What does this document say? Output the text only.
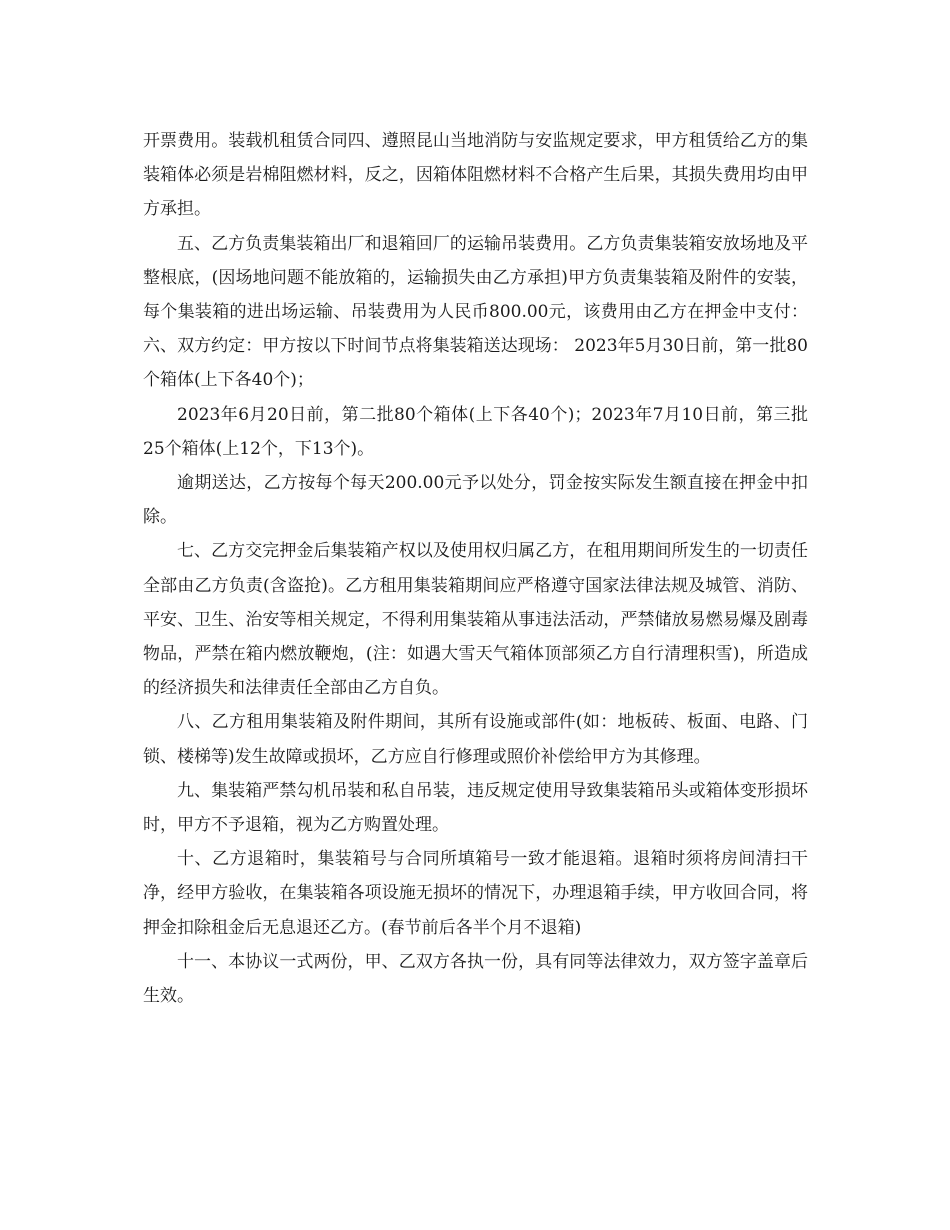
开票费用。装载机租赁合同四、遵照昆山当地消防与安监规定要求，甲方租赁给乙方的集装箱体必须是岩棉阻燃材料，反之，因箱体阻燃材料不合格产生后果，其损失费用均由甲方承担。

五、乙方负责集装箱出厂和退箱回厂的运输吊装费用。乙方负责集装箱安放场地及平整根底，(因场地问题不能放箱的，运输损失由乙方承担)甲方负责集装箱及附件的安装，每个集装箱的进出场运输、吊装费用为人民币800.00元，该费用由乙方在押金中支付： 六、双方约定：甲方按以下时间节点将集装箱送达现场： 2023年5月30日前，第一批80个箱体(上下各40个)；

2023年6月20日前，第二批80个箱体(上下各40个)；2023年7月10日前，第三批25个箱体(上12个，下13个)。

逾期送达，乙方按每个每天200.00元予以处分，罚金按实际发生额直接在押金中扣除。

七、乙方交完押金后集装箱产权以及使用权归属乙方，在租用期间所发生的一切责任全部由乙方负责(含盗抢)。乙方租用集装箱期间应严格遵守国家法律法规及城管、消防、平安、卫生、治安等相关规定，不得利用集装箱从事违法活动，严禁储放易燃易爆及剧毒物品，严禁在箱内燃放鞭炮，(注：如遇大雪天气箱体顶部须乙方自行清理积雪)，所造成的经济损失和法律责任全部由乙方自负。

八、乙方租用集装箱及附件期间，其所有设施或部件(如：地板砖、板面、电路、门锁、楼梯等)发生故障或损坏，乙方应自行修理或照价补偿给甲方为其修理。

九、集装箱严禁勾机吊装和私自吊装，违反规定使用导致集装箱吊头或箱体变形损坏时，甲方不予退箱，视为乙方购置处理。

十、乙方退箱时，集装箱号与合同所填箱号一致才能退箱。退箱时须将房间清扫干净，经甲方验收，在集装箱各项设施无损坏的情况下，办理退箱手续，甲方收回合同，将押金扣除租金后无息退还乙方。(春节前后各半个月不退箱)

十一、本协议一式两份，甲、乙双方各执一份，具有同等法律效力，双方签字盖章后生效。
